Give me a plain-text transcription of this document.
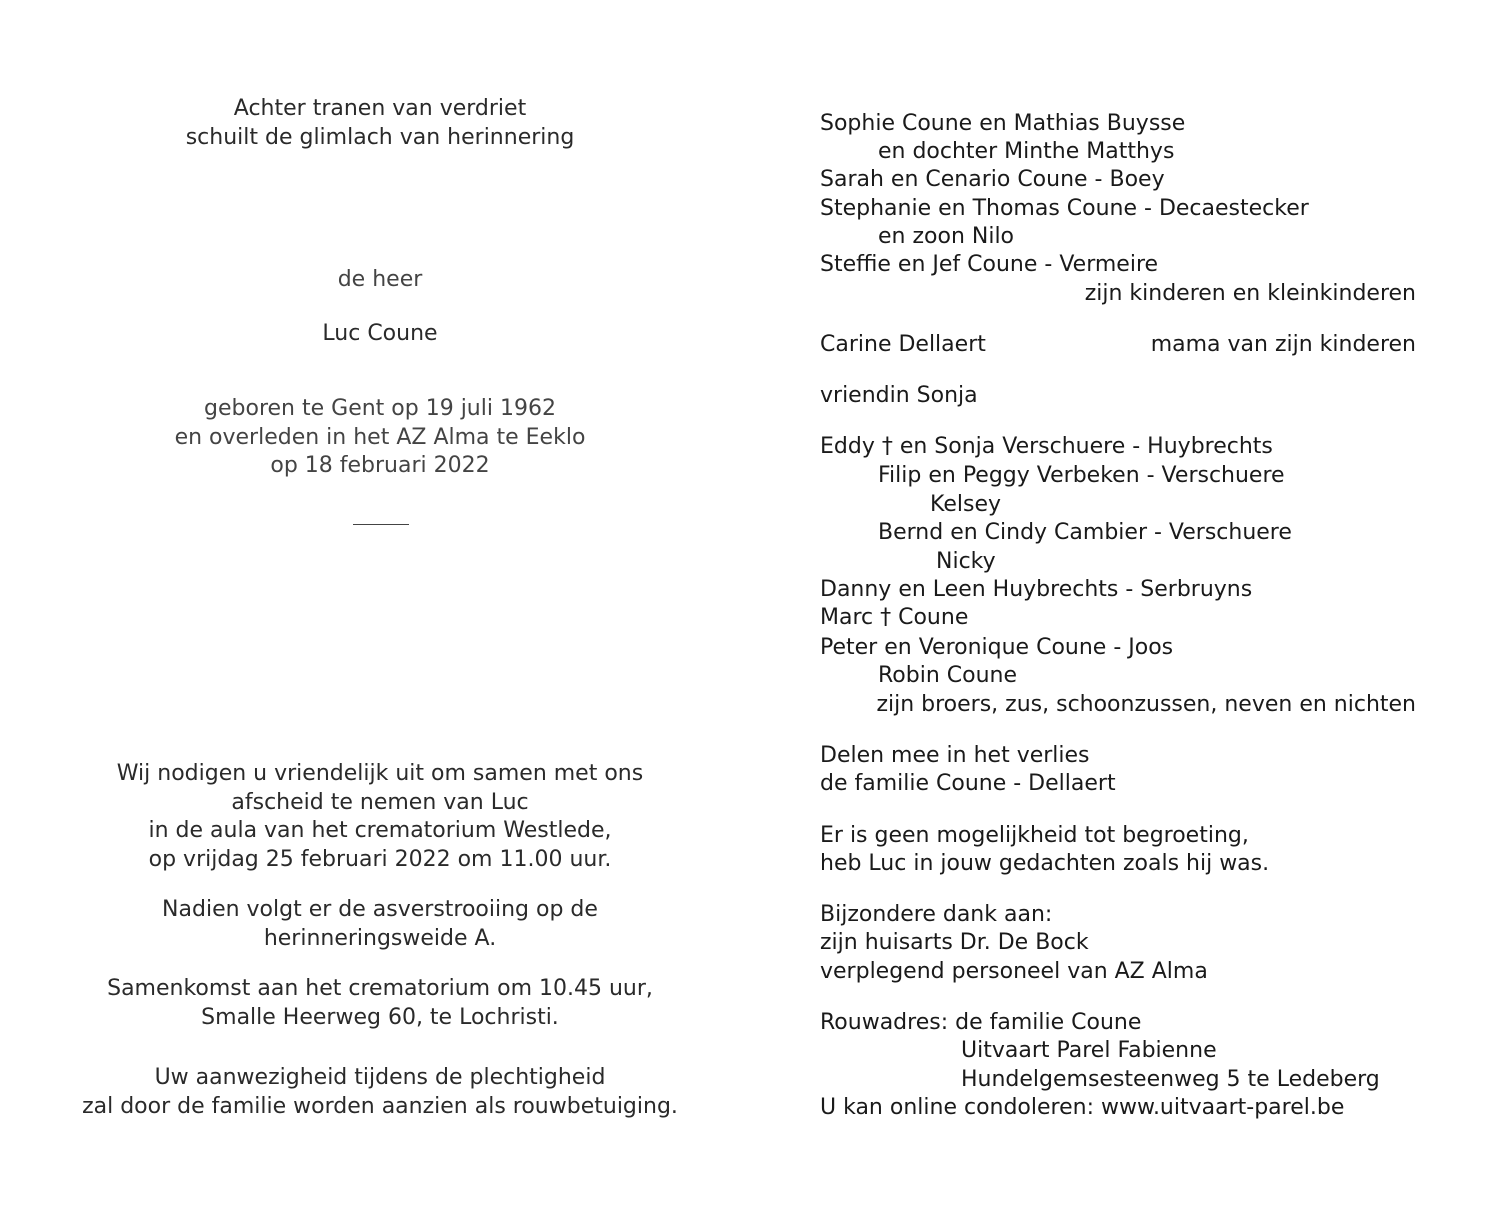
Achter tranen van verdriet
schuilt de glimlach van herinnering
de heer
Luc Coune
geboren te Gent op 19 juli 1962
en overleden in het AZ Alma te Eeklo
op 18 februari 2022
Wij nodigen u vriendelijk uit om samen met ons
afscheid te nemen van Luc
in de aula van het crematorium Westlede,
op vrijdag 25 februari 2022 om 11.00 uur.
Nadien volgt er de asverstrooiing op de
herinneringsweide A.
Samenkomst aan het crematorium om 10.45 uur,
Smalle Heerweg 60, te Lochristi.
Uw aanwezigheid tijdens de plechtigheid
zal door de familie worden aanzien als rouwbetuiging.
Sophie Coune en Mathias Buysse
en dochter Minthe Matthys
Sarah en Cenario Coune - Boey
Stephanie en Thomas Coune - Decaestecker
en zoon Nilo
Steffie en Jef Coune - Vermeire
zijn kinderen en kleinkinderen
Carine Dellaert	mama van zijn kinderen
vriendin Sonja
Eddy † en Sonja Verschuere - Huybrechts
Filip en Peggy Verbeken - Verschuere
Kelsey
Bernd en Cindy Cambier - Verschuere
Nicky
Danny en Leen Huybrechts - Serbruyns
Marc † Coune
Peter en Veronique Coune - Joos
Robin Coune
zijn broers, zus, schoonzussen, neven en nichten
Delen mee in het verlies
de familie Coune - Dellaert
Er is geen mogelijkheid tot begroeting,
heb Luc in jouw gedachten zoals hij was.
Bijzondere dank aan:
zijn huisarts Dr. De Bock
verplegend personeel van AZ Alma
Rouwadres: de familie Coune
Uitvaart Parel Fabienne
Hundelgemsesteenweg 5 te Ledeberg
U kan online condoleren: www.uitvaart-parel.be
